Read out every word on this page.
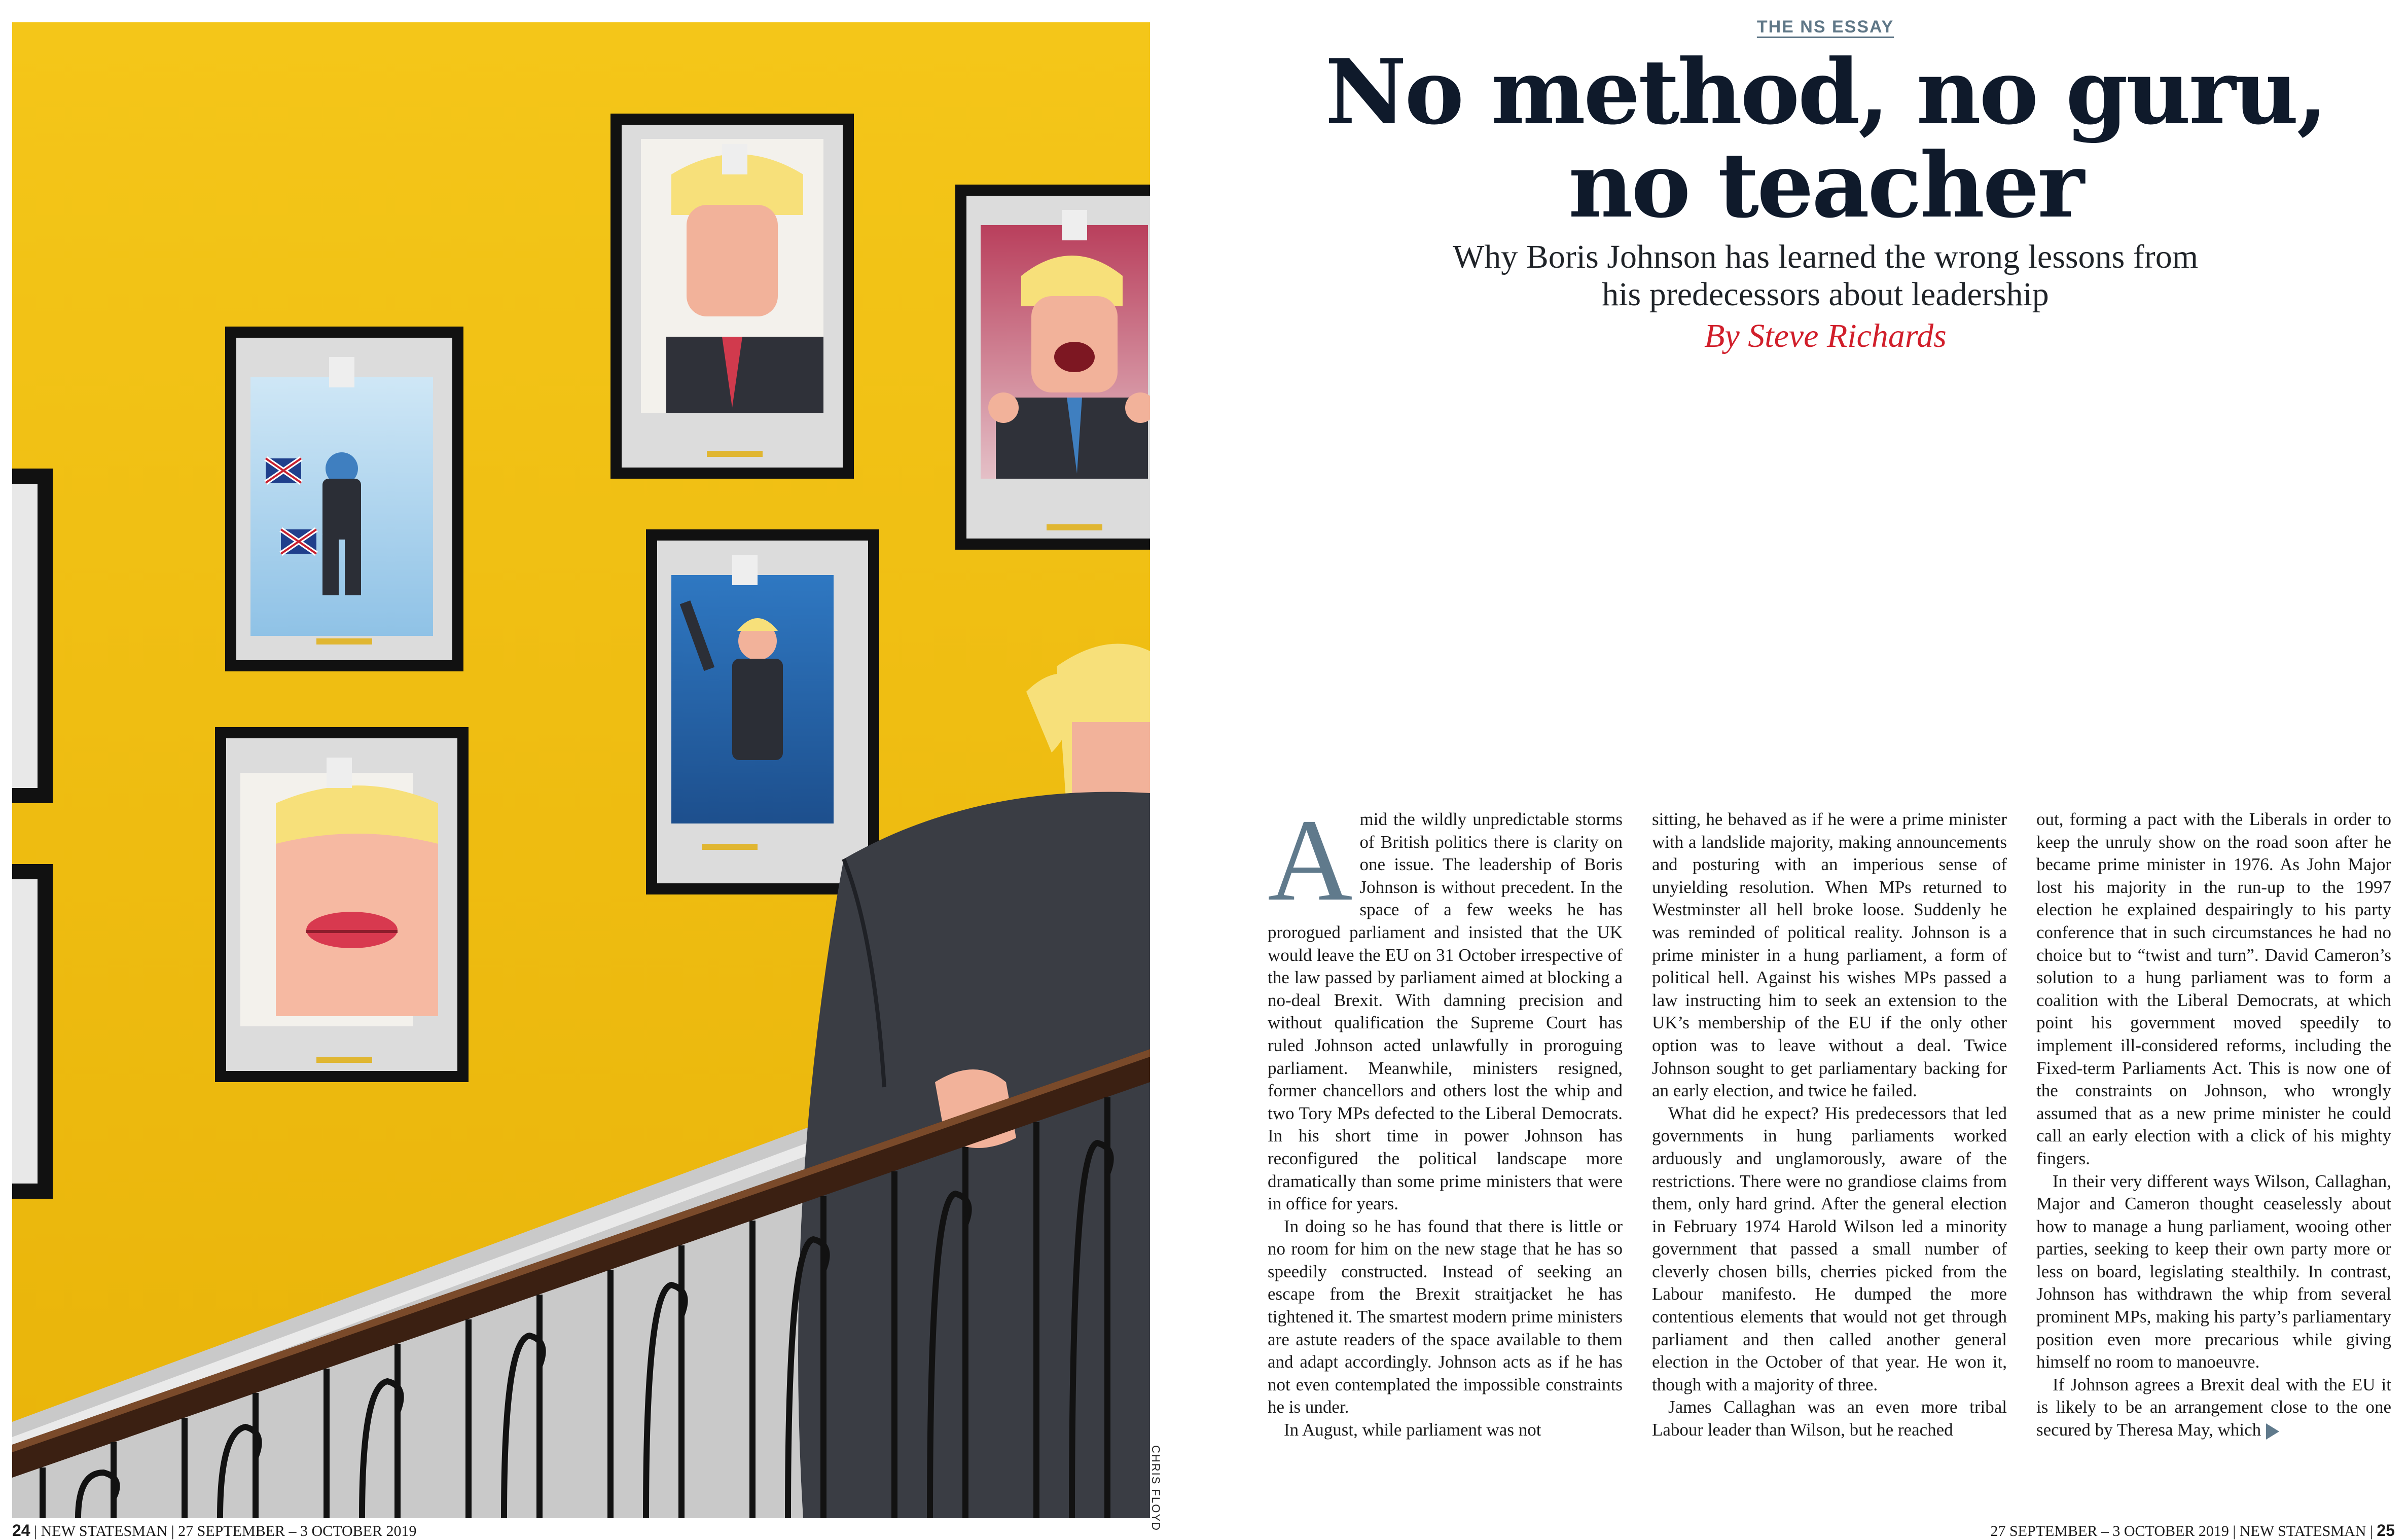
CHRIS FLOYD
THE NS ESSAY
No method, no guru,
no teacher
Why Boris Johnson has learned the wrong lessons from
his predecessors about leadership
By Steve Richards
A mid the wildly unpredictable storms of British politics there is clarity on one issue. The leadership of Boris Johnson is without precedent. In the space of a few weeks he has prorogued parliament and insisted that the UK would leave the EU on 31 October irrespective of the law passed by parliament aimed at blocking a no-deal Brexit. With damning precision and without qualification the Supreme Court has ruled Johnson acted unlawfully in proroguing parliament. Meanwhile, ministers resigned, former chancellors and others lost the whip and two Tory MPs defected to the Liberal Democrats. In his short time in power Johnson has reconfigured the political landscape more dramatically than some prime ministers that were in office for years.

In doing so he has found that there is little or no room for him on the new stage that he has so speedily constructed. Instead of seeking an escape from the Brexit straitjacket he has tightened it. The smartest modern prime ministers are astute readers of the space available to them and adapt accordingly. Johnson acts as if he has not even contemplated the impossible constraints he is under.

In August, while parliament was not

sitting, he behaved as if he were a prime minister with a landslide majority, making announcements and posturing with an imperious sense of unyielding resolution. When MPs returned to Westminster all hell broke loose. Suddenly he was reminded of political reality. Johnson is a prime minister in a hung parliament, a form of political hell. Against his wishes MPs passed a law instructing him to seek an extension to the UK’s membership of the EU if the only other option was to leave without a deal. Twice Johnson sought to get parliamentary backing for an early election, and twice he failed.

What did he expect? His predecessors that led governments in hung parliaments worked arduously and unglamorously, aware of the restrictions. There were no grandiose claims from them, only hard grind. After the general election in February 1974 Harold Wilson led a minority government that passed a small number of cleverly chosen bills, cherries picked from the Labour manifesto. He dumped the more contentious elements that would not get through parliament and then called another general election in the October of that year. He won it, though with a majority of three.

James Callaghan was an even more tribal Labour leader than Wilson, but he reached

out, forming a pact with the Liberals in order to keep the unruly show on the road soon after he became prime minister in 1976. As John Major lost his majority in the run-up to the 1997 election he explained despairingly to his party conference that in such circumstances he had no choice but to “twist and turn”. David Cameron’s solution to a hung parliament was to form a coalition with the Liberal Democrats, at which point his government moved speedily to implement ill-considered reforms, including the Fixed-term Parliaments Act. This is now one of the constraints on Johnson, who wrongly assumed that as a new prime minister he could call an early election with a click of his mighty fingers.

In their very different ways Wilson, Callaghan, Major and Cameron thought ceaselessly about how to manage a hung parliament, wooing other parties, seeking to keep their own party more or less on board, legislating stealthily. In contrast, Johnson has withdrawn the whip from several prominent MPs, making his party’s parliamentary position even more precarious while giving himself no room to manoeuvre.

If Johnson agrees a Brexit deal with the EU it is likely to be an arrangement close to the one secured by Theresa May, which

24 | NEW STATESMAN | 27 SEPTEMBER – 3 OCTOBER 2019	27 SEPTEMBER – 3 OCTOBER 2019 | NEW STATESMAN | 25
